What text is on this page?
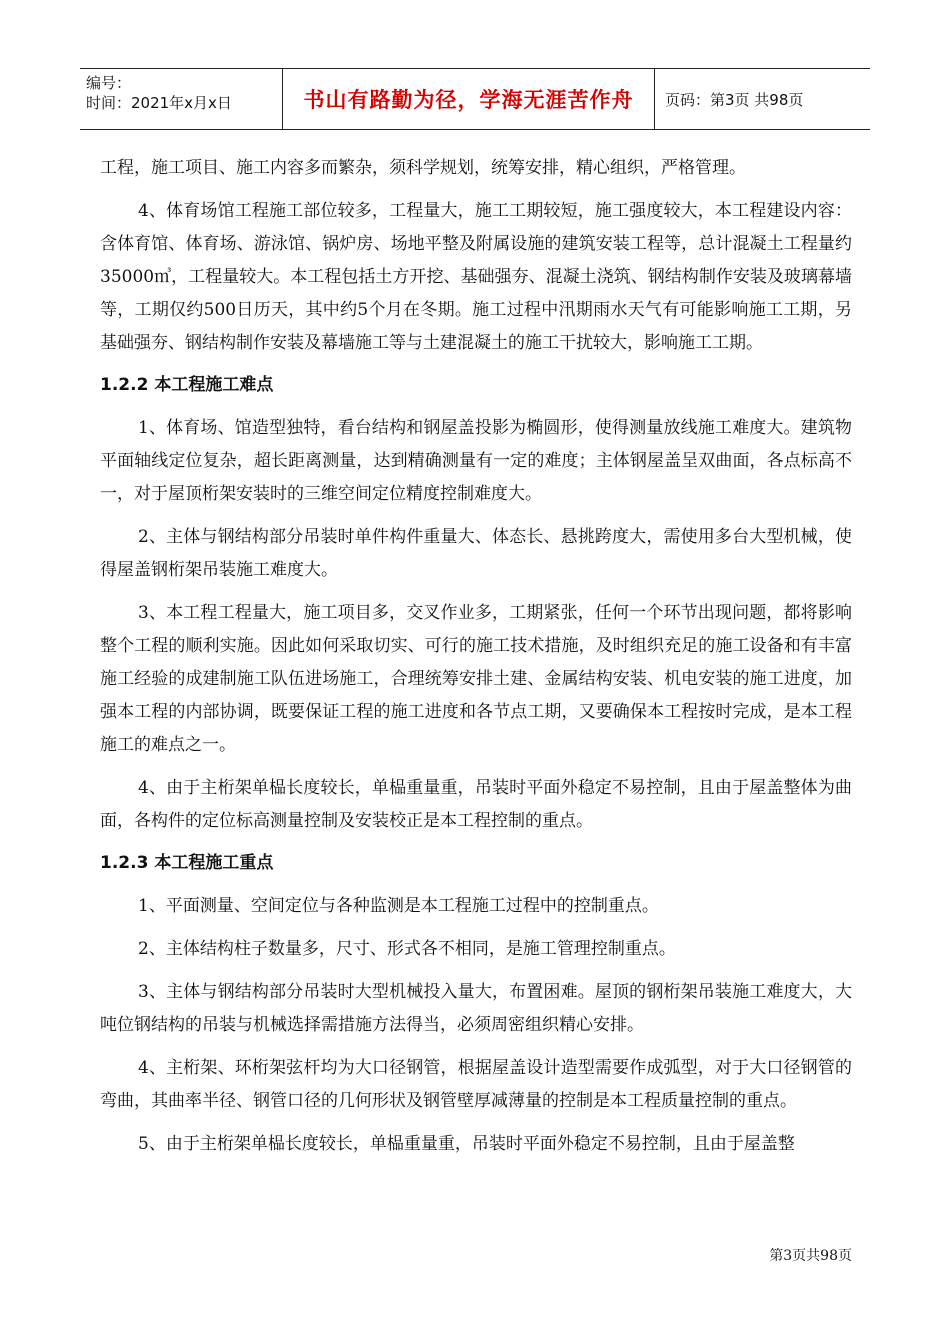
编号：
时间：2021年x月x日	书山有路勤为径，学海无涯苦作舟	页码：第3页 共98页

工程，施工项目、施工内容多而繁杂，须科学规划，统筹安排，精心组织，严格管理。

4、体育场馆工程施工部位较多，工程量大，施工工期较短，施工强度较大，本工程建设内容：含体育馆、体育场、游泳馆、锅炉房、场地平整及附属设施的建筑安装工程等，总计混凝土工程量约35000㎥，工程量较大。本工程包括土方开挖、基础强夯、混凝土浇筑、钢结构制作安装及玻璃幕墙等，工期仅约500日历天，其中约5个月在冬期。施工过程中汛期雨水天气有可能影响施工工期，另基础强夯、钢结构制作安装及幕墙施工等与土建混凝土的施工干扰较大，影响施工工期。

1.2.2 本工程施工难点

1、体育场、馆造型独特，看台结构和钢屋盖投影为椭圆形，使得测量放线施工难度大。建筑物平面轴线定位复杂，超长距离测量，达到精确测量有一定的难度；主体钢屋盖呈双曲面，各点标高不一，对于屋顶桁架安装时的三维空间定位精度控制难度大。

2、主体与钢结构部分吊装时单件构件重量大、体态长、悬挑跨度大，需使用多台大型机械，使得屋盖钢桁架吊装施工难度大。

3、本工程工程量大，施工项目多，交叉作业多，工期紧张，任何一个环节出现问题，都将影响整个工程的顺利实施。因此如何采取切实、可行的施工技术措施，及时组织充足的施工设备和有丰富施工经验的成建制施工队伍进场施工，合理统筹安排土建、金属结构安装、机电安装的施工进度，加强本工程的内部协调，既要保证工程的施工进度和各节点工期，又要确保本工程按时完成，是本工程施工的难点之一。

4、由于主桁架单榀长度较长，单榀重量重，吊装时平面外稳定不易控制，且由于屋盖整体为曲面，各构件的定位标高测量控制及安装校正是本工程控制的重点。

1.2.3 本工程施工重点

1、平面测量、空间定位与各种监测是本工程施工过程中的控制重点。

2、主体结构柱子数量多，尺寸、形式各不相同，是施工管理控制重点。

3、主体与钢结构部分吊装时大型机械投入量大，布置困难。屋顶的钢桁架吊装施工难度大，大吨位钢结构的吊装与机械选择需措施方法得当，必须周密组织精心安排。

4、主桁架、环桁架弦杆均为大口径钢管，根据屋盖设计造型需要作成弧型，对于大口径钢管的弯曲，其曲率半径、钢管口径的几何形状及钢管壁厚减薄量的控制是本工程质量控制的重点。

5、由于主桁架单榀长度较长，单榀重量重，吊装时平面外稳定不易控制，且由于屋盖整

第3页共98页
